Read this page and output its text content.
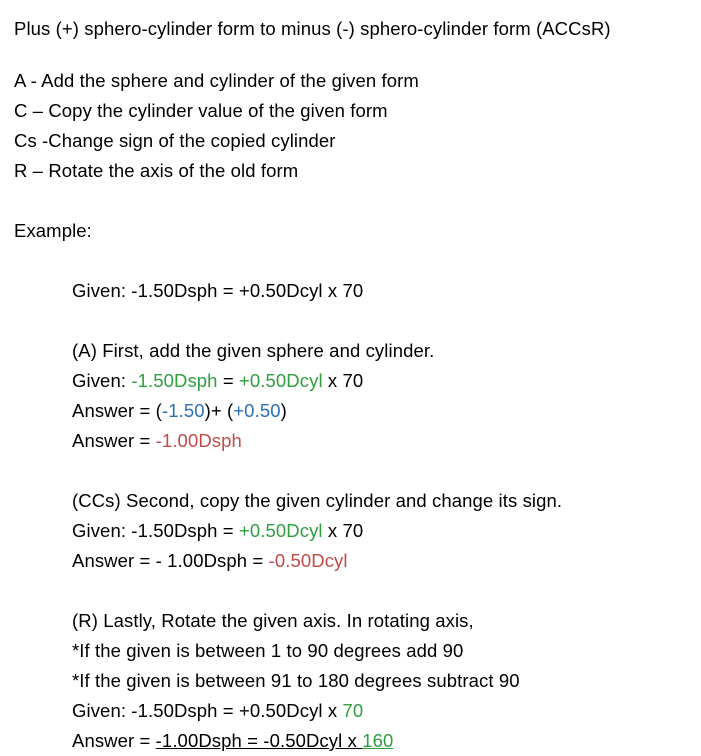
Plus (+) sphero-cylinder form to minus (-) sphero-cylinder form (ACCsR)
A - Add the sphere and cylinder of the given form
C – Copy the cylinder value of the given form
Cs -Change sign of the copied cylinder
R – Rotate the axis of the old form
Example:
Given: -1.50Dsph = +0.50Dcyl x 70
(A) First, add the given sphere and cylinder.
Given: -1.50Dsph = +0.50Dcyl x 70
Answer = (-1.50)+ (+0.50)
Answer = -1.00Dsph
(CCs) Second, copy the given cylinder and change its sign.
Given: -1.50Dsph = +0.50Dcyl x 70
Answer = - 1.00Dsph = -0.50Dcyl
(R) Lastly, Rotate the given axis. In rotating axis,
*If the given is between 1 to 90 degrees add 90
*If the given is between 91 to 180 degrees subtract 90
Given: -1.50Dsph = +0.50Dcyl x 70
Answer = -1.00Dsph = -0.50Dcyl x 160
